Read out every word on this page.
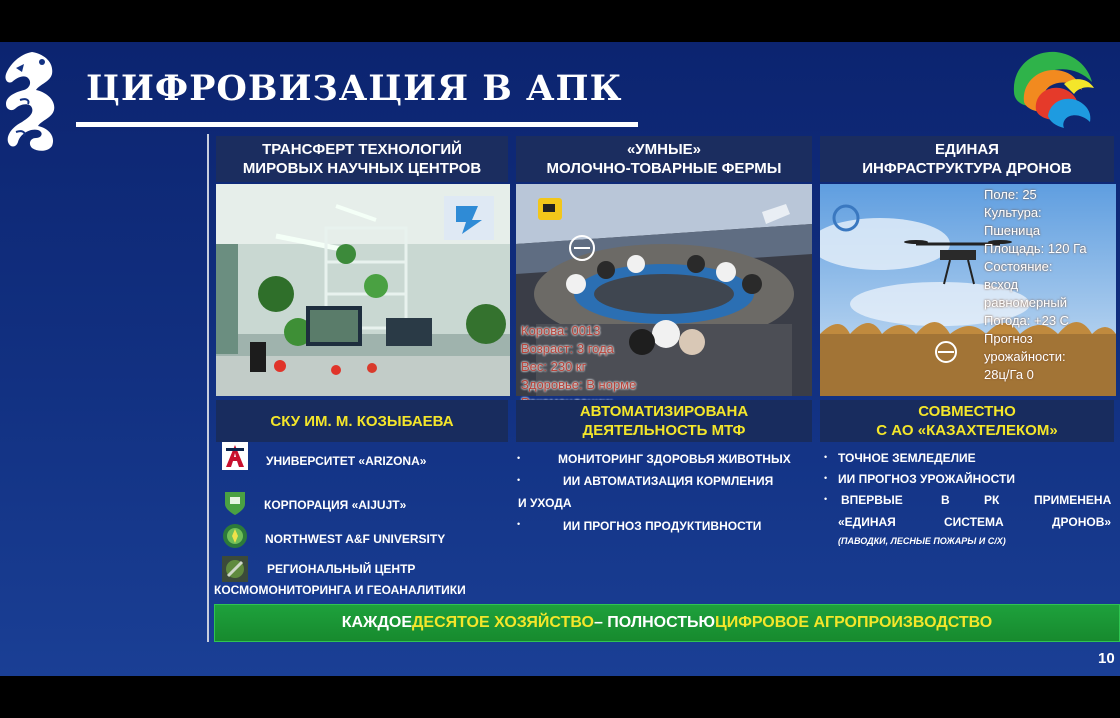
ЦИФРОВИЗАЦИЯ В АПК
ТРАНСФЕРТ ТЕХНОЛОГИЙ
МИРОВЫХ НАУЧНЫХ ЦЕНТРОВ
«УМНЫЕ»
МОЛОЧНО-ТОВАРНЫЕ ФЕРМЫ
ЕДИНАЯ
ИНФРАСТРУКТУРА ДРОНОВ
Корова: 0013
Возраст: 3 года
Вес: 230 кг
Здоровье: В норме
Поле: 25
Культура:
Пшеница
Площадь: 120 Га
Состояние:
всход
равномерный
Погода: +23 С
Прогноз
урожайности:
28ц/Га 0
СКУ ИМ. М. КОЗЫБАЕВА
АВТОМАТИЗИРОВАНА
ДЕЯТЕЛЬНОСТЬ МТФ
СОВМЕСТНО
С АО «КАЗАХТЕЛЕКОМ»
УНИВЕРСИТЕТ «ARIZONA»
КОРПОРАЦИЯ «AIJUJT»
NORTHWEST A&F UNIVERSITY
РЕГИОНАЛЬНЫЙ ЦЕНТР
КОСМОМОНИТОРИНГА И ГЕОАНАЛИТИКИ
•	МОНИТОРИНГ ЗДОРОВЬЯ ЖИВОТНЫХ
•	ИИ АВТОМАТИЗАЦИЯ КОРМЛЕНИЯ
И УХОДА
•	ИИ ПРОГНОЗ ПРОДУКТИВНОСТИ
• ТОЧНОЕ ЗЕМЛЕДЕЛИЕ
• ИИ ПРОГНОЗ УРОЖАЙНОСТИ
• ВПЕРВЫЕ	В	РК	ПРИМЕНЕНА
«ЕДИНАЯ	СИСТЕМА	ДРОНОВ»
(ПАВОДКИ, ЛЕСНЫЕ ПОЖАРЫ И С/Х)
КАЖДОЕ ДЕСЯТОЕ ХОЗЯЙСТВО – ПОЛНОСТЬЮ ЦИФРОВОЕ АГРОПРОИЗВОДСТВО
10
